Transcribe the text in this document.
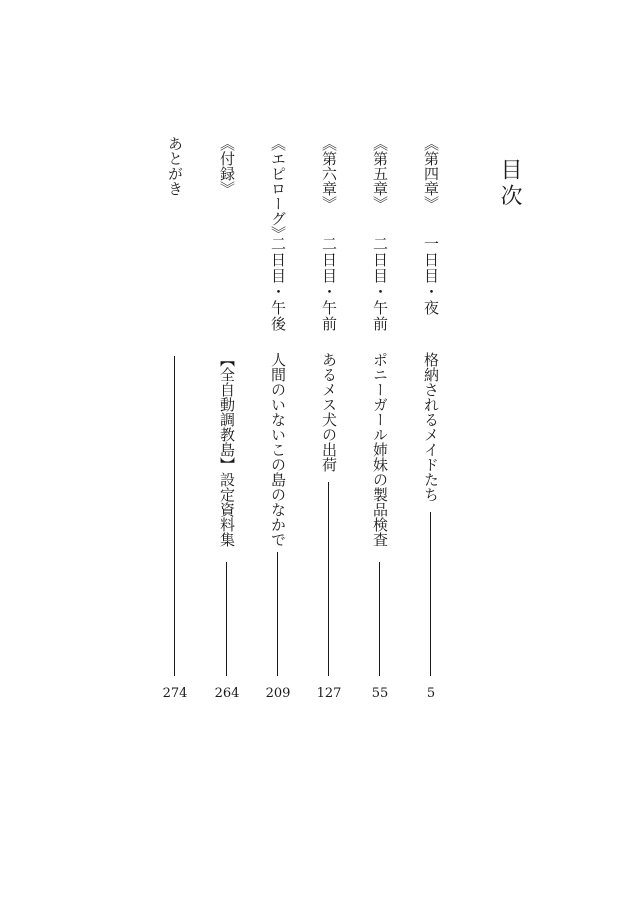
目次
《第四章》
一日目・夜
格納されるメイドたち
5
《第五章》
二日目・午前
ポニーガール姉妹の製品検査
55
《第六章》
二日目・午前
あるメス犬の出荷
127
《エピローグ》
二日目・午後
人間のいないこの島のなかで
209
《付録》
【全自動調教島】設定資料集
264
あとがき
274
